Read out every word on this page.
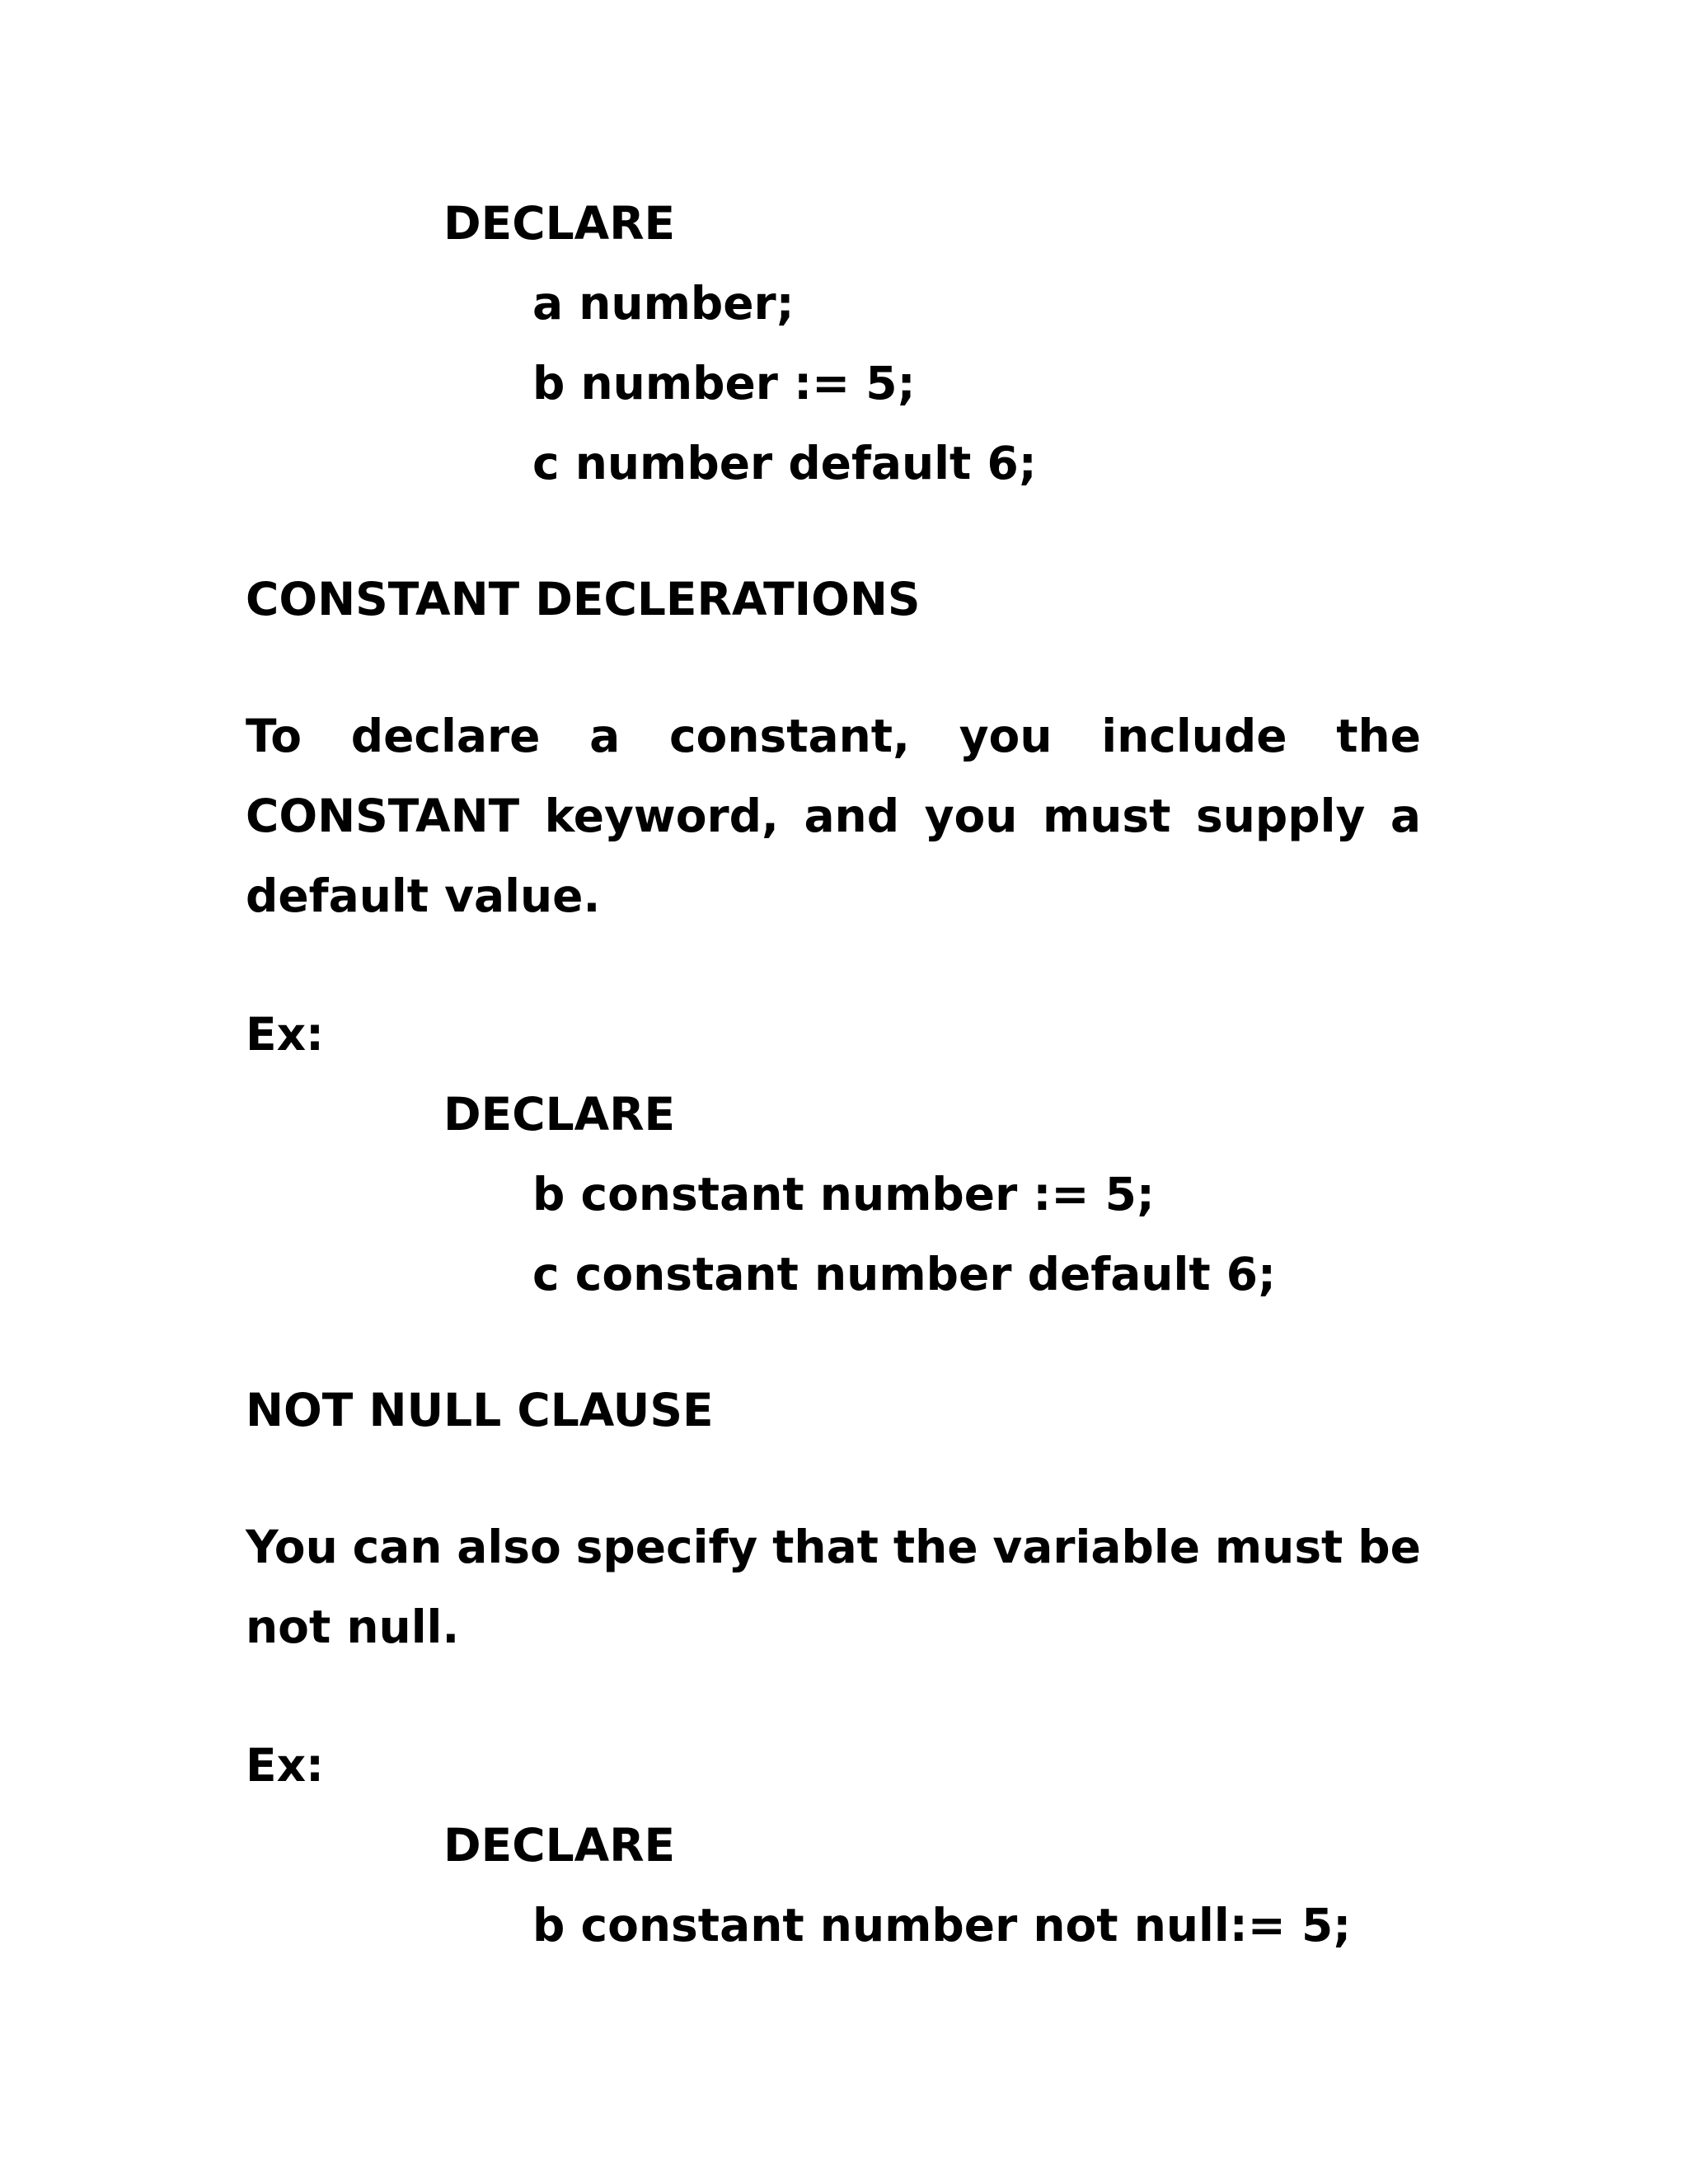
DECLARE
a number;
b number := 5;
c number default 6;
CONSTANT DECLERATIONS
To declare a constant, you include the
CONSTANT keyword, and you must supply a
default value.
Ex:
DECLARE
b constant number := 5;
c constant number default 6;
NOT NULL CLAUSE
You can also specify that the variable must be
not null.
Ex:
DECLARE
b constant number not null:= 5;
